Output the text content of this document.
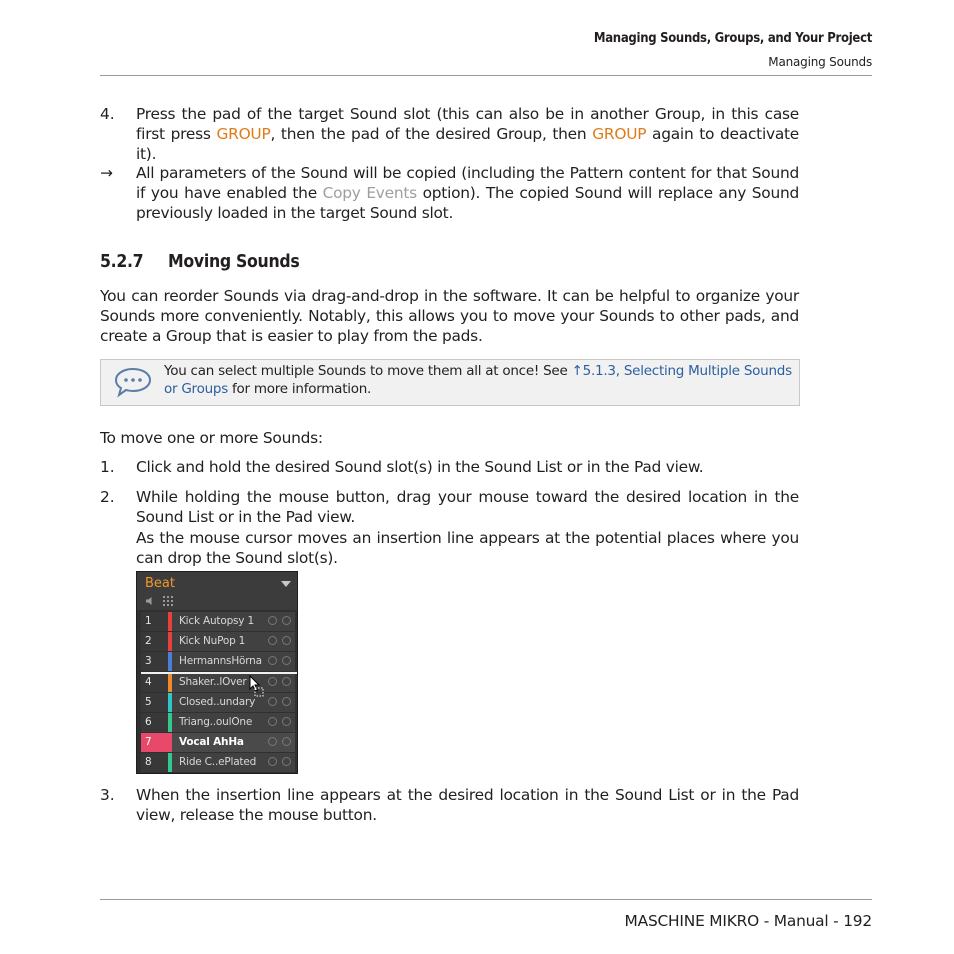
Managing Sounds, Groups, and Your Project
Managing Sounds
4. Press the pad of the target Sound slot (this can also be in another Group, in this case first press GROUP, then the pad of the desired Group, then GROUP again to deactivate it).

→ All parameters of the Sound will be copied (including the Pattern content for that Sound if you have enabled the Copy Events option). The copied Sound will replace any Sound previously loaded in the target Sound slot.

5.2.7 Moving Sounds

You can reorder Sounds via drag-and-drop in the software. It can be helpful to organize your Sounds more conveniently. Notably, this allows you to move your Sounds to other pads, and create a Group that is easier to play from the pads.

You can select multiple Sounds to move them all at once! See ↑5.1.3, Selecting Multiple Sounds or Groups for more information.

To move one or more Sounds:

1. Click and hold the desired Sound slot(s) in the Sound List or in the Pad view.

2. While holding the mouse button, drag your mouse toward the desired location in the Sound List or in the Pad view.

As the mouse cursor moves an insertion line appears at the potential places where you can drop the Sound slot(s).

Beat
1	Kick Autopsy 1
2	Kick NuPop 1
3	HermannsHörna
4	Shaker..lOver
5	Closed..undary
6	Triang..oulOne
7	Vocal AhHa
8	Ride C..ePlated
3. When the insertion line appears at the desired location in the Sound List or in the Pad view, release the mouse button.

MASCHINE MIKRO - Manual - 192
